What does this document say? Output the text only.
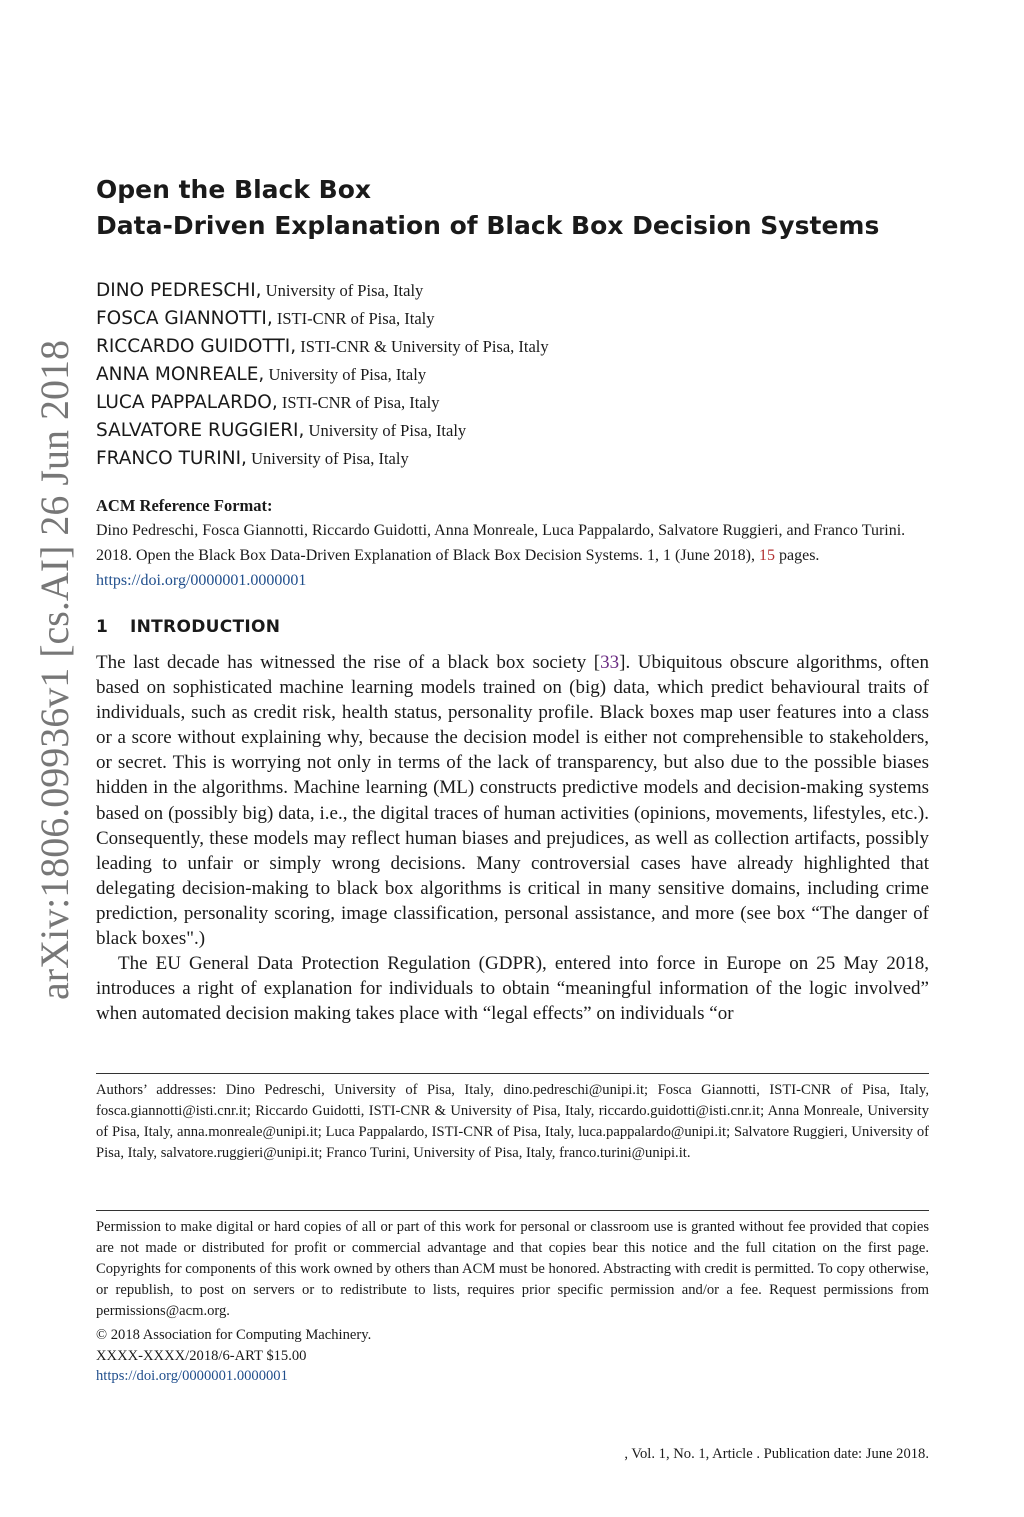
arXiv:1806.09936v1 [cs.AI] 26 Jun 2018
Open the Black Box
Data-Driven Explanation of Black Box Decision Systems
DINO PEDRESCHI, University of Pisa, Italy
FOSCA GIANNOTTI, ISTI-CNR of Pisa, Italy
RICCARDO GUIDOTTI, ISTI-CNR & University of Pisa, Italy
ANNA MONREALE, University of Pisa, Italy
LUCA PAPPALARDO, ISTI-CNR of Pisa, Italy
SALVATORE RUGGIERI, University of Pisa, Italy
FRANCO TURINI, University of Pisa, Italy
ACM Reference Format:
Dino Pedreschi, Fosca Giannotti, Riccardo Guidotti, Anna Monreale, Luca Pappalardo, Salvatore Ruggieri, and Franco Turini. 2018. Open the Black Box Data-Driven Explanation of Black Box Decision Systems. 1, 1 (June 2018), 15 pages. https://doi.org/0000001.0000001
1 INTRODUCTION

The last decade has witnessed the rise of a black box society [33]. Ubiquitous obscure algorithms, often based on sophisticated machine learning models trained on (big) data, which predict behavioural traits of individuals, such as credit risk, health status, personality profile. Black boxes map user features into a class or a score without explaining why, because the decision model is either not comprehensible to stakeholders, or secret. This is worrying not only in terms of the lack of transparency, but also due to the possible biases hidden in the algorithms. Machine learning (ML) constructs predictive models and decision-making systems based on (possibly big) data, i.e., the digital traces of human activities (opinions, movements, lifestyles, etc.). Consequently, these models may reflect human biases and prejudices, as well as collection artifacts, possibly leading to unfair or simply wrong decisions. Many controversial cases have already highlighted that delegating decision-making to black box algorithms is critical in many sensitive domains, including crime prediction, personality scoring, image classification, personal assistance, and more (see box “The danger of black boxes".)

The EU General Data Protection Regulation (GDPR), entered into force in Europe on 25 May 2018, introduces a right of explanation for individuals to obtain “meaningful information of the logic involved” when automated decision making takes place with “legal effects” on individuals “or

Authors’ addresses: Dino Pedreschi, University of Pisa, Italy, dino.pedreschi@unipi.it; Fosca Giannotti, ISTI-CNR of Pisa, Italy, fosca.giannotti@isti.cnr.it; Riccardo Guidotti, ISTI-CNR & University of Pisa, Italy, riccardo.guidotti@isti.cnr.it; Anna Monreale, University of Pisa, Italy, anna.monreale@unipi.it; Luca Pappalardo, ISTI-CNR of Pisa, Italy, luca.pappalardo@unipi.it; Salvatore Ruggieri, University of Pisa, Italy, salvatore.ruggieri@unipi.it; Franco Turini, University of Pisa, Italy, franco.turini@unipi.it.
Permission to make digital or hard copies of all or part of this work for personal or classroom use is granted without fee provided that copies are not made or distributed for profit or commercial advantage and that copies bear this notice and the full citation on the first page. Copyrights for components of this work owned by others than ACM must be honored. Abstracting with credit is permitted. To copy otherwise, or republish, to post on servers or to redistribute to lists, requires prior specific permission and/or a fee. Request permissions from permissions@acm.org.
© 2018 Association for Computing Machinery.
XXXX-XXXX/2018/6-ART $15.00
https://doi.org/0000001.0000001
, Vol. 1, No. 1, Article . Publication date: June 2018.
